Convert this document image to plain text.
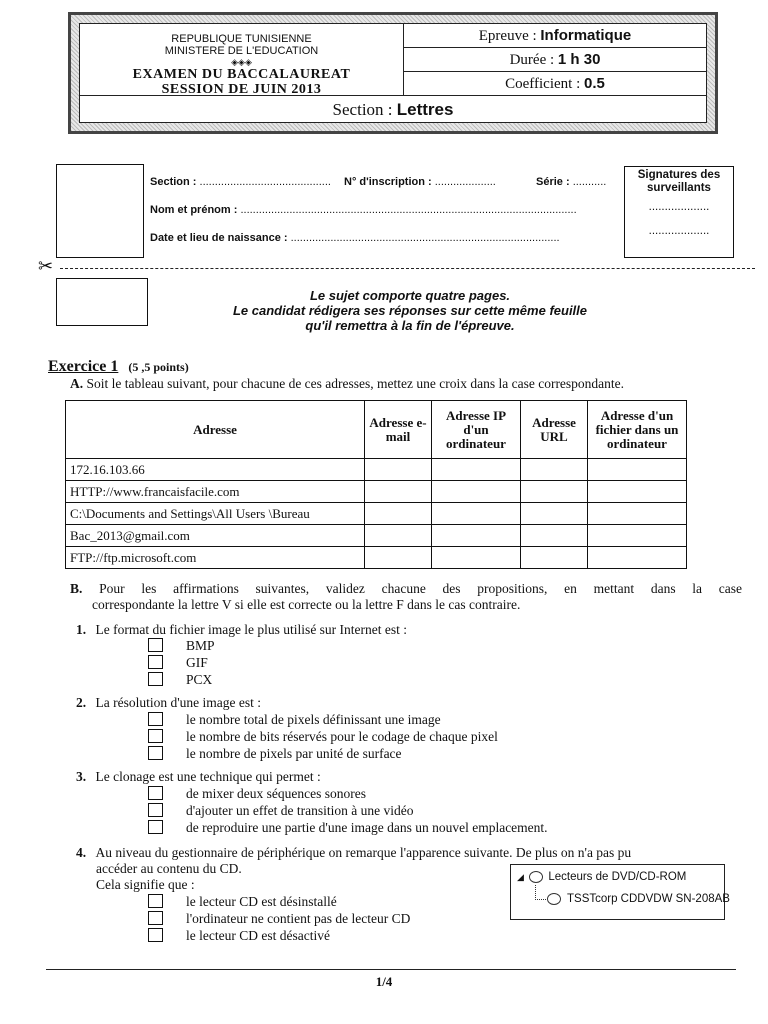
REPUBLIQUE TUNISIENNE
MINISTERE DE L'EDUCATION
◈◈◈
EXAMEN DU BACCALAUREAT
SESSION DE JUIN 2013
Epreuve : Informatique
Durée : 1 h 30
Coefficient : 0.5
Section : Lettres
Section : ........................................... N° d'inscription : ....................	Série : ...........
Nom et prénom : ..............................................................................................................
Date et lieu de naissance : ........................................................................................
Signatures des surveillants
...................
...................
✂
Le sujet comporte quatre pages.
Le candidat rédigera ses réponses sur cette même feuille
qu'il remettra à la fin de l'épreuve.
Exercice 1 (5 ,5 points)
A. Soit le tableau suivant, pour chacune de ces adresses, mettez une croix dans la case correspondante.
Adresse	Adresse e-mail	Adresse IP d'un ordinateur	Adresse URL	Adresse d'un fichier dans un ordinateur
172.16.103.66				
HTTP://www.francaisfacile.com				
C:\Documents and Settings\All Users \Bureau				
Bac_2013@gmail.com				
FTP://ftp.microsoft.com				
B. Pour les affirmations suivantes, validez chacune des propositions, en mettant dans la case
correspondante la lettre V si elle est correcte ou la lettre F dans le cas contraire.
1. Le format du fichier image le plus utilisé sur Internet est :
BMP
GIF
PCX
2. La résolution d'une image est :
le nombre total de pixels définissant une image
le nombre de bits réservés pour le codage de chaque pixel
le nombre de pixels par unité de surface
3. Le clonage est une technique qui permet :
de mixer deux séquences sonores
d'ajouter un effet de transition à une vidéo
de reproduire une partie d'une image dans un nouvel emplacement.
4. Au niveau du gestionnaire de périphérique on remarque l'apparence suivante. De plus on n'a pas pu
accéder au contenu du CD.
Cela signifie que :
le lecteur CD est désinstallé
l'ordinateur ne contient pas de lecteur CD
le lecteur CD est désactivé
◢ Lecteurs de DVD/CD-ROM
TSSTcorp CDDVDW SN-208AB
1/4
